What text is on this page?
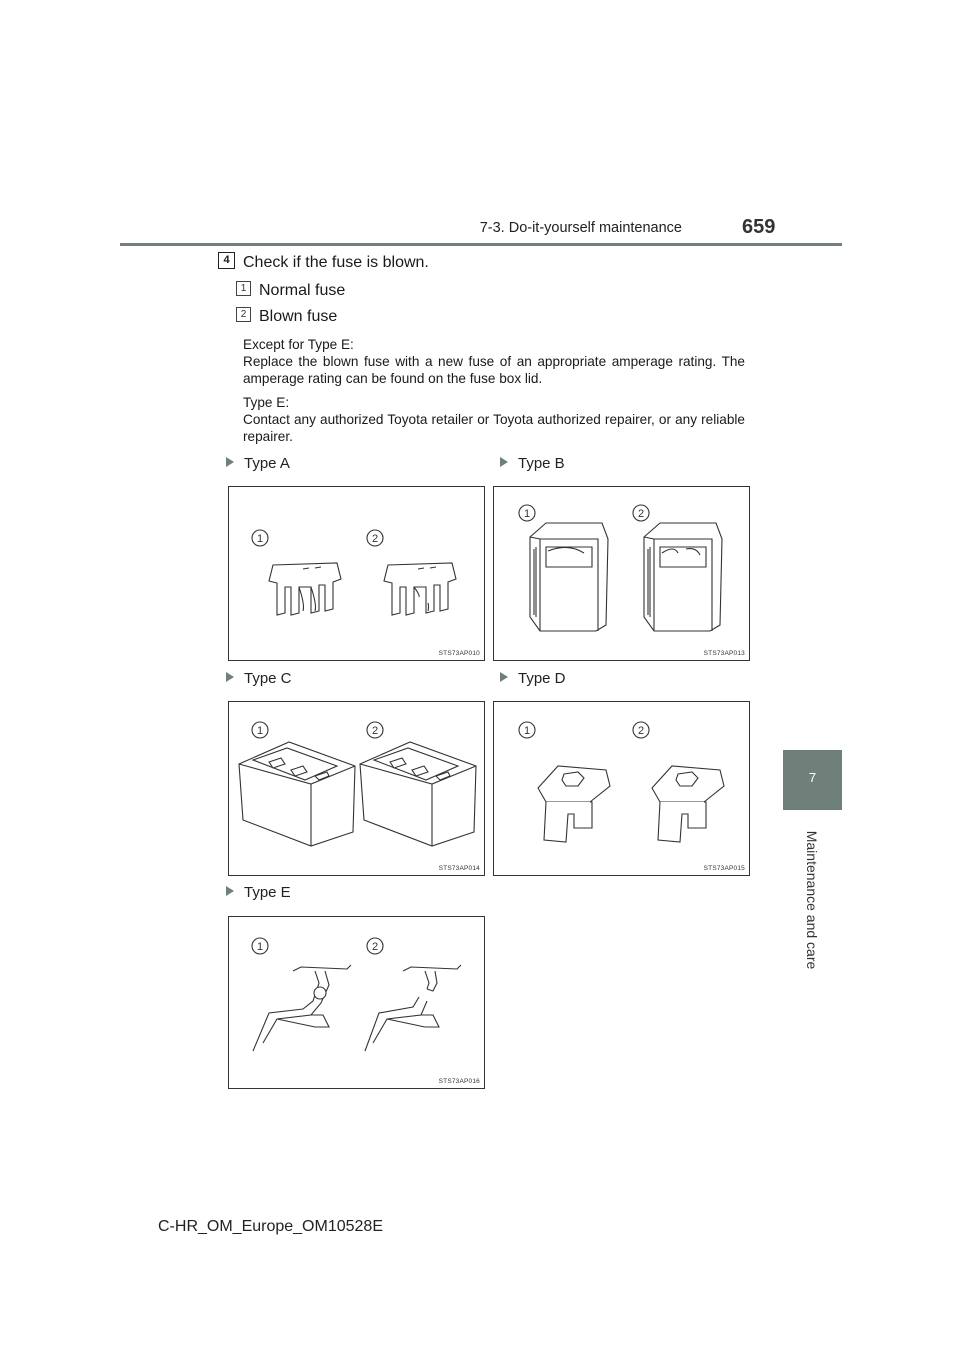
7-3. Do-it-yourself maintenance	659
7
Maintenance and care
4 Check if the fuse is blown.
1 Normal fuse
2 Blown fuse

Except for Type E:

Replace the blown fuse with a new fuse of an appropriate amperage rating. The amperage rating can be found on the fuse box lid.

Type E:

Contact any authorized Toyota retailer or Toyota authorized repairer, or any reliable repairer.

Type A	Type B
Type C	Type D
Type E
1	2
STS73AP010
1	2
STS73AP013
1	2
STS73AP014
1	2
STS73AP015
1	2
STS73AP016
C-HR_OM_Europe_OM10528E
